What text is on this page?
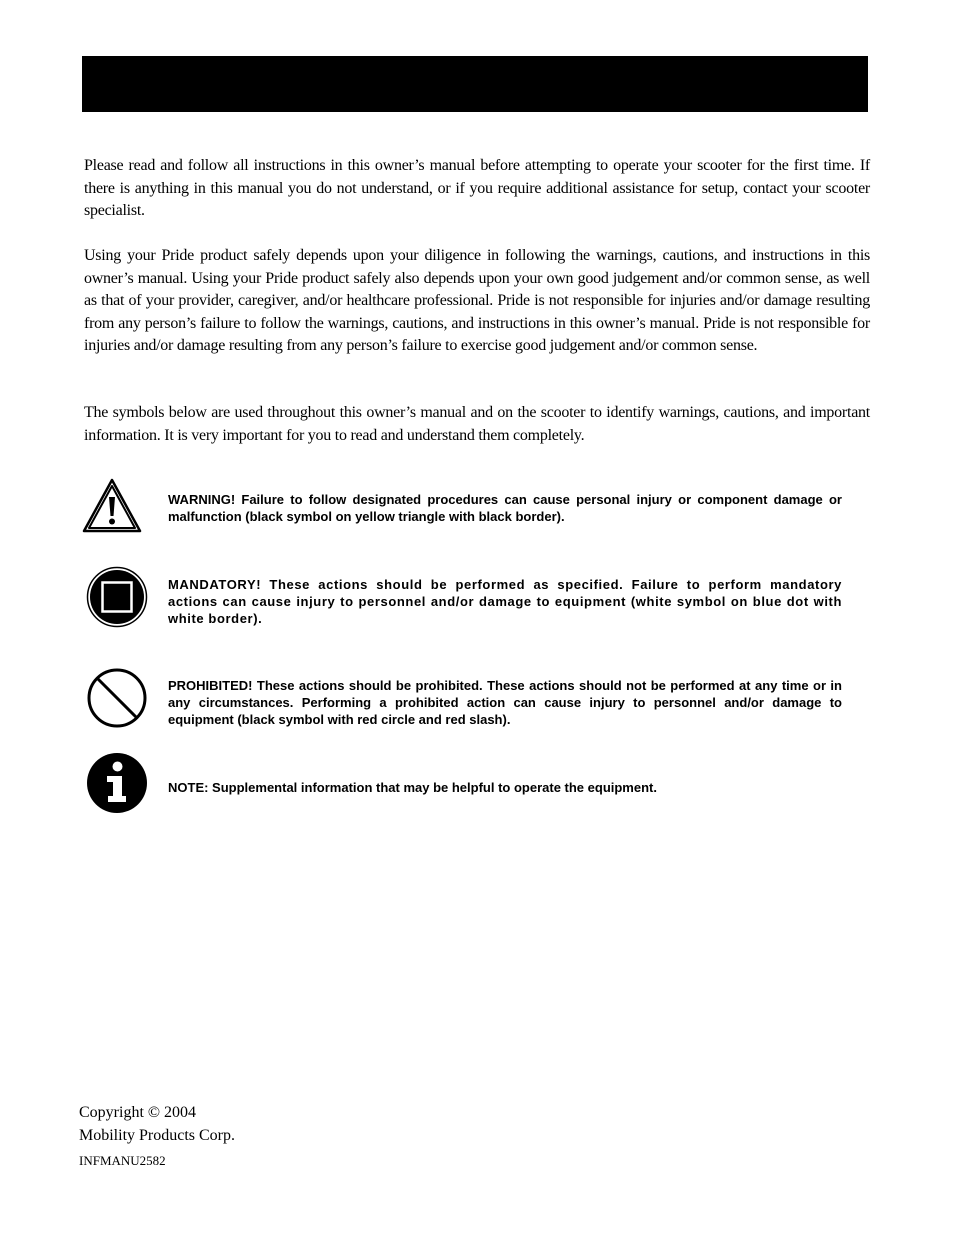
Please read and follow all instructions in this owner’s manual before attempting to operate your scooter for the first time. If there is anything in this manual you do not understand, or if you require additional assistance for setup, contact your scooter specialist.

Using your Pride product safely depends upon your diligence in following the warnings, cautions, and instructions in this owner’s manual. Using your Pride product safely also depends upon your own good judgement and/or common sense, as well as that of your provider, caregiver, and/or healthcare professional. Pride is not responsible for injuries and/or damage resulting from any person’s failure to follow the warnings, cautions, and instructions in this owner’s manual. Pride is not responsible for injuries and/or damage resulting from any person’s failure to exercise good judgement and/or common sense.

The symbols below are used throughout this owner’s manual and on the scooter to identify warnings, cautions, and important information. It is very important for you to read and understand them completely.

WARNING! Failure to follow designated procedures can cause personal injury or component damage or malfunction (black symbol on yellow triangle with black border).

MANDATORY! These actions should be performed as specified. Failure to perform mandatory actions can cause injury to personnel and/or damage to equipment (white symbol on blue dot with white border).

PROHIBITED! These actions should be prohibited. These actions should not be performed at any time or in any circumstances. Performing a prohibited action can cause injury to personnel and/or damage to equipment (black symbol with red circle and red slash).

NOTE: Supplemental information that may be helpful to operate the equipment.

Copyright © 2004
Mobility Products Corp.
INFMANU2582
